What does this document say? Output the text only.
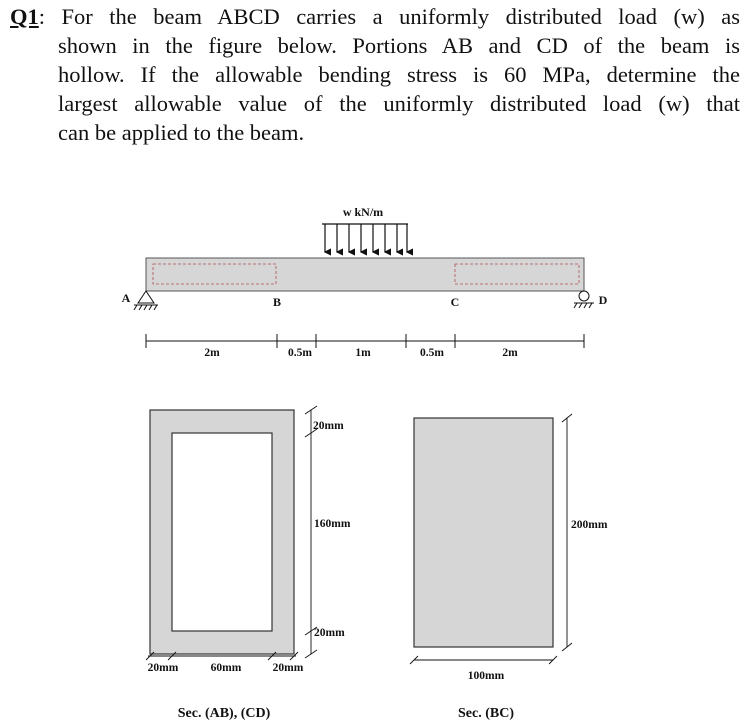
Q1: For the beam ABCD carries a uniformly distributed load (w) as
shown in the figure below. Portions AB and CD of the beam is
hollow. If the allowable bending stress is 60 MPa, determine the
largest allowable value of the uniformly distributed load (w) that
can be applied to the beam.
w kN/m
A	B	C	D
2m	0.5m	1m	0.5m	2m
20mm
160mm
20mm
20mm	60mm	20mm
Sec. (AB), (CD)
200mm
100mm
Sec. (BC)
